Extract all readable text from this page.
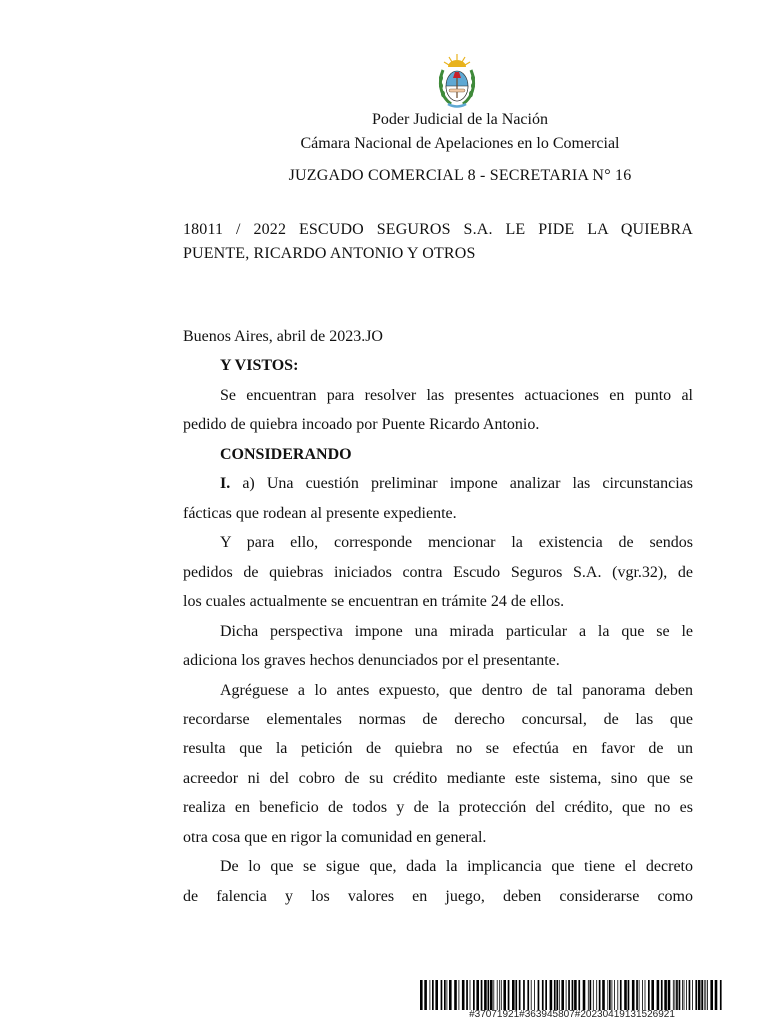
Poder Judicial de la Nación
Cámara Nacional de Apelaciones en lo Comercial
JUZGADO COMERCIAL 8 - SECRETARIA N° 16
18011 / 2022 ESCUDO SEGUROS S.A. LE PIDE LA QUIEBRA
PUENTE, RICARDO ANTONIO Y OTROS
Buenos Aires, abril de 2023.JO
Y VISTOS:
Se encuentran para resolver las presentes actuaciones en punto al
pedido de quiebra incoado por Puente Ricardo Antonio.
CONSIDERANDO
I. a) Una cuestión preliminar impone analizar las circunstancias
fácticas que rodean al presente expediente.
Y para ello, corresponde mencionar la existencia de sendos
pedidos de quiebras iniciados contra Escudo Seguros S.A. (vgr.32), de
los cuales actualmente se encuentran en trámite 24 de ellos.
Dicha perspectiva impone una mirada particular a la que se le
adiciona los graves hechos denunciados por el presentante.
Agréguese a lo antes expuesto, que dentro de tal panorama deben
recordarse elementales normas de derecho concursal, de las que
resulta que la petición de quiebra no se efectúa en favor de un
acreedor ni del cobro de su crédito mediante este sistema, sino que se
realiza en beneficio de todos y de la protección del crédito, que no es
otra cosa que en rigor la comunidad en general.
De lo que se sigue que, dada la implicancia que tiene el decreto
de falencia y los valores en juego, deben considerarse como
#37071921#363945807#20230419131526921
